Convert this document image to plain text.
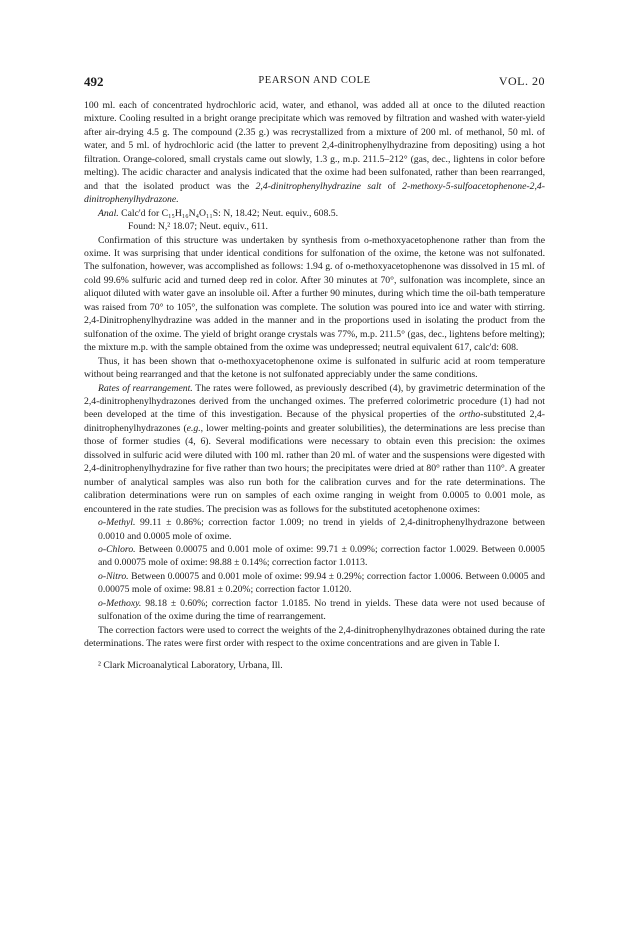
492	PEARSON AND COLE	VOL. 20

100 ml. each of concentrated hydrochloric acid, water, and ethanol, was added all at once to the diluted reaction mixture. Cooling resulted in a bright orange precipitate which was removed by filtration and washed with water-yield after air-drying 4.5 g. The compound (2.35 g.) was recrystallized from a mixture of 200 ml. of methanol, 50 ml. of water, and 5 ml. of hydrochloric acid (the latter to prevent 2,4-dinitrophenylhydrazine from depositing) using a hot filtration. Orange-colored, small crystals came out slowly, 1.3 g., m.p. 211.5–212° (gas, dec., lightens in color before melting). The acidic character and analysis indicated that the oxime had been sulfonated, rather than been rearranged, and that the isolated product was the 2,4-dinitrophenylhydrazine salt of 2-methoxy-5-sulfoacetophenone-2,4-dinitrophenylhydrazone.

Anal. Calc'd for C₁₅H₁₆N₄O₁₁S: N, 18.42; Neut. equiv., 608.5.

Found: N,² 18.07; Neut. equiv., 611.

Confirmation of this structure was undertaken by synthesis from o-methoxyacetophenone rather than from the oxime. It was surprising that under identical conditions for sulfonation of the oxime, the ketone was not sulfonated. The sulfonation, however, was accomplished as follows: 1.94 g. of o-methoxyacetophenone was dissolved in 15 ml. of cold 99.6% sulfuric acid and turned deep red in color. After 30 minutes at 70°, sulfonation was incomplete, since an aliquot diluted with water gave an insoluble oil. After a further 90 minutes, during which time the oil-bath temperature was raised from 70° to 105°, the sulfonation was complete. The solution was poured into ice and water with stirring. 2,4-Dinitrophenylhydrazine was added in the manner and in the proportions used in isolating the product from the sulfonation of the oxime. The yield of bright orange crystals was 77%, m.p. 211.5° (gas, dec., lightens before melting); the mixture m.p. with the sample obtained from the oxime was undepressed; neutral equivalent 617, calc'd: 608.

Thus, it has been shown that o-methoxyacetophenone oxime is sulfonated in sulfuric acid at room temperature without being rearranged and that the ketone is not sulfonated appreciably under the same conditions.

Rates of rearrangement. The rates were followed, as previously described (4), by gravimetric determination of the 2,4-dinitrophenylhydrazones derived from the unchanged oximes. The preferred colorimetric procedure (1) had not been developed at the time of this investigation. Because of the physical properties of the ortho-substituted 2,4-dinitrophenylhydrazones (e.g., lower melting-points and greater solubilities), the determinations are less precise than those of former studies (4, 6). Several modifications were necessary to obtain even this precision: the oximes dissolved in sulfuric acid were diluted with 100 ml. rather than 20 ml. of water and the suspensions were digested with 2,4-dinitrophenylhydrazine for five rather than two hours; the precipitates were dried at 80° rather than 110°. A greater number of analytical samples was also run both for the calibration curves and for the rate determinations. The calibration determinations were run on samples of each oxime ranging in weight from 0.0005 to 0.001 mole, as encountered in the rate studies. The precision was as follows for the substituted acetophenone oximes:

o-Methyl. 99.11 ± 0.86%; correction factor 1.009; no trend in yields of 2,4-dinitrophenylhydrazone between 0.0010 and 0.0005 mole of oxime.

o-Chloro. Between 0.00075 and 0.001 mole of oxime: 99.71 ± 0.09%; correction factor 1.0029. Between 0.0005 and 0.00075 mole of oxime: 98.88 ± 0.14%; correction factor 1.0113.

o-Nitro. Between 0.00075 and 0.001 mole of oxime: 99.94 ± 0.29%; correction factor 1.0006. Between 0.0005 and 0.00075 mole of oxime: 98.81 ± 0.20%; correction factor 1.0120.

o-Methoxy. 98.18 ± 0.60%; correction factor 1.0185. No trend in yields. These data were not used because of sulfonation of the oxime during the time of rearrangement.

The correction factors were used to correct the weights of the 2,4-dinitrophenylhydrazones obtained during the rate determinations. The rates were first order with respect to the oxime concentrations and are given in Table I.

² Clark Microanalytical Laboratory, Urbana, Ill.
